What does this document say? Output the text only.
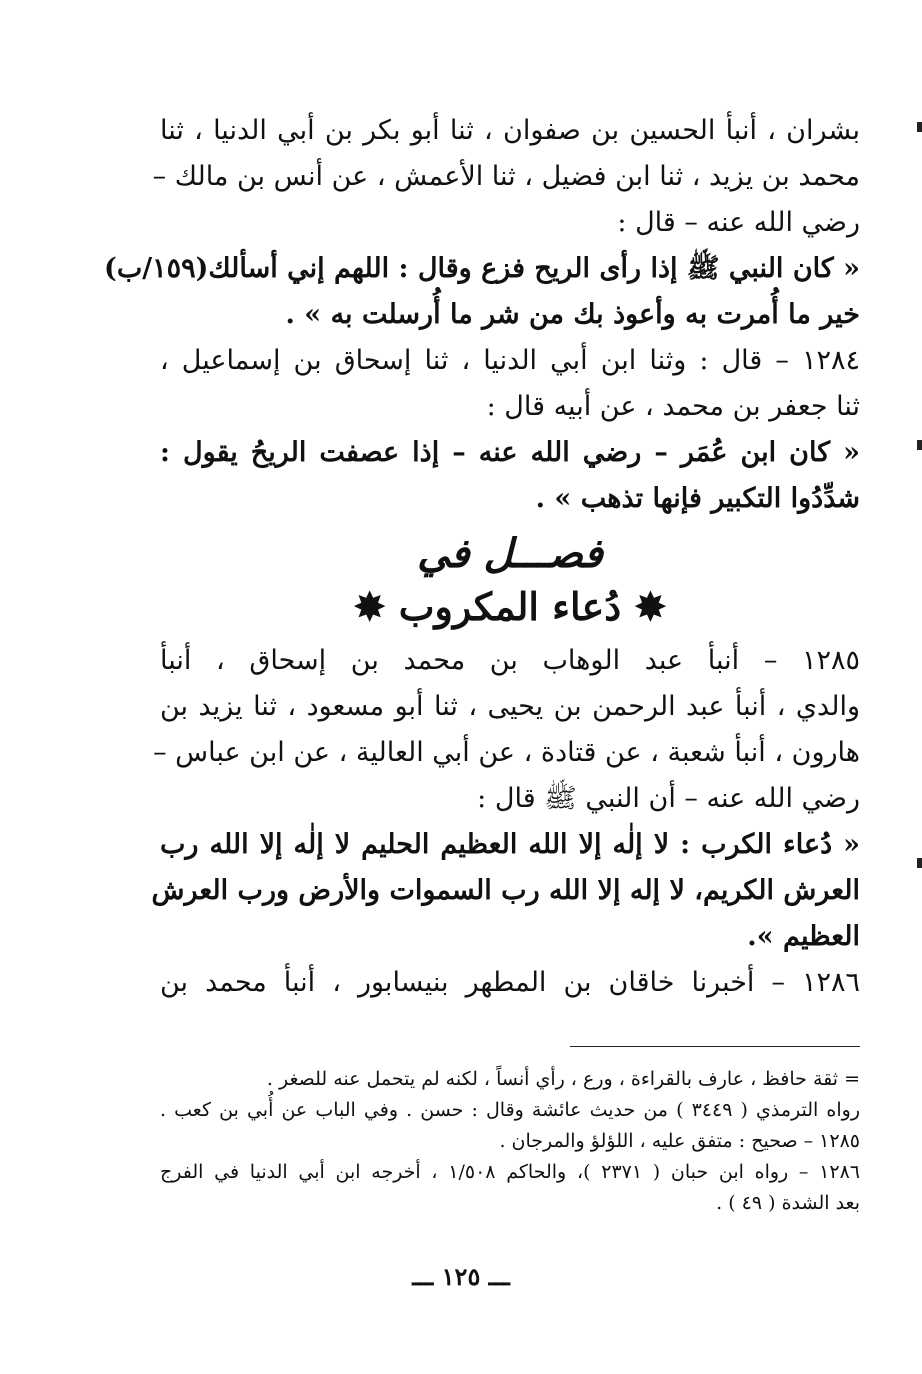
بشران ، أنبأ الحسين بن صفوان ، ثنا أبو بكر بن أبي الدنيا ، ثنا
محمد بن يزيد ، ثنا ابن فضيل ، ثنا الأعمش ، عن أنس بن مالك –
رضي الله عنه – قال :
« كان النبي ﷺ إذا رأى الريح فزع وقال : اللهم إني أسألك(١٥٩/ب)
خير ما أُمرت به وأعوذ بك من شر ما أُرسلت به » .
١٢٨٤ – قال : وثنا ابن أبي الدنيا ، ثنا إسحاق بن إسماعيل ،
ثنا جعفر بن محمد ، عن أبيه قال :
« كان ابن عُمَر – رضي الله عنه – إذا عصفت الريحُ يقول :
شدِّدُوا التكبير فإنها تذهب » .
فصـــل في
✸ دُعاء المكروب ✸
١٢٨٥ – أنبأ عبد الوهاب بن محمد بن إسحاق ، أنبأ
والدي ، أنبأ عبد الرحمن بن يحيى ، ثنا أبو مسعود ، ثنا يزيد بن
هارون ، أنبأ شعبة ، عن قتادة ، عن أبي العالية ، عن ابن عباس –
رضي الله عنه – أن النبي ﷺ قال :
« دُعاء الكرب : لا إلٰه إلا الله العظيم الحليم لا إلٰه إلا الله رب
العرش الكريم، لا إله إلا الله رب السموات والأرض ورب العرش
العظيم ».
١٢٨٦ – أخبرنا خاقان بن المطهر بنيسابور ، أنبأ محمد بن
= ثقة حافظ ، عارف بالقراءة ، ورع ، رأي أنساً ، لكنه لم يتحمل عنه للصغر .
رواه الترمذي ( ٣٤٤٩ ) من حديث عائشة وقال : حسن . وفي الباب عن أُبي بن كعب .
١٢٨٥ – صحيح : متفق عليه ، اللؤلؤ والمرجان .
١٢٨٦ – رواه ابن حبان ( ٢٣٧١ )، والحاكم ١/٥٠٨ ، أخرجه ابن أبي الدنيا في الفرج
بعد الشدة ( ٤٩ ) .
ـــ ١٢٥ ـــ
